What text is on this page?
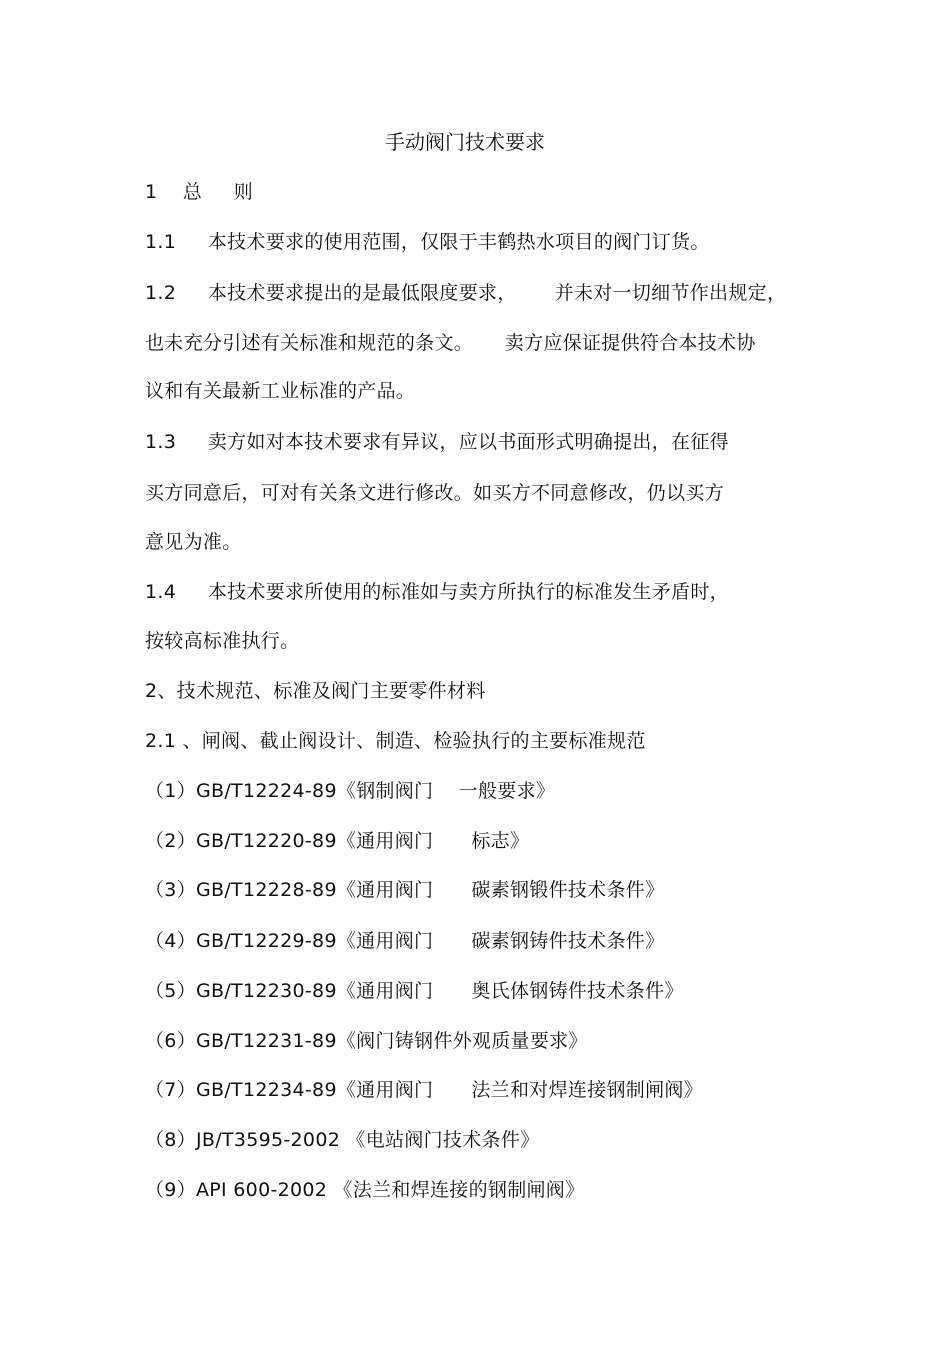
手动阀门技术要求
1    总     则
1.1     本技术要求的使用范围，仅限于丰鹤热水项目的阀门订货。
1.2     本技术要求提出的是最低限度要求，      并未对一切细节作出规定，
也未充分引述有关标准和规范的条文。     卖方应保证提供符合本技术协
议和有关最新工业标准的产品。
1.3     卖方如对本技术要求有异议，应以书面形式明确提出，在征得
买方同意后，可对有关条文进行修改。如买方不同意修改，仍以买方
意见为准。
1.4     本技术要求所使用的标准如与卖方所执行的标准发生矛盾时，
按较高标准执行。
2、技术规范、标准及阀门主要零件材料
2.1 、闸阀、截止阀设计、制造、检验执行的主要标准规范
（1）GB/T12224-89《钢制阀门    一般要求》
（2）GB/T12220-89《通用阀门      标志》
（3）GB/T12228-89《通用阀门      碳素钢锻件技术条件》
（4）GB/T12229-89《通用阀门      碳素钢铸件技术条件》
（5）GB/T12230-89《通用阀门      奥氏体钢铸件技术条件》
（6）GB/T12231-89《阀门铸钢件外观质量要求》
（7）GB/T12234-89《通用阀门      法兰和对焊连接钢制闸阀》
（8）JB/T3595-2002 《电站阀门技术条件》
（9）API 600-2002 《法兰和焊连接的钢制闸阀》
